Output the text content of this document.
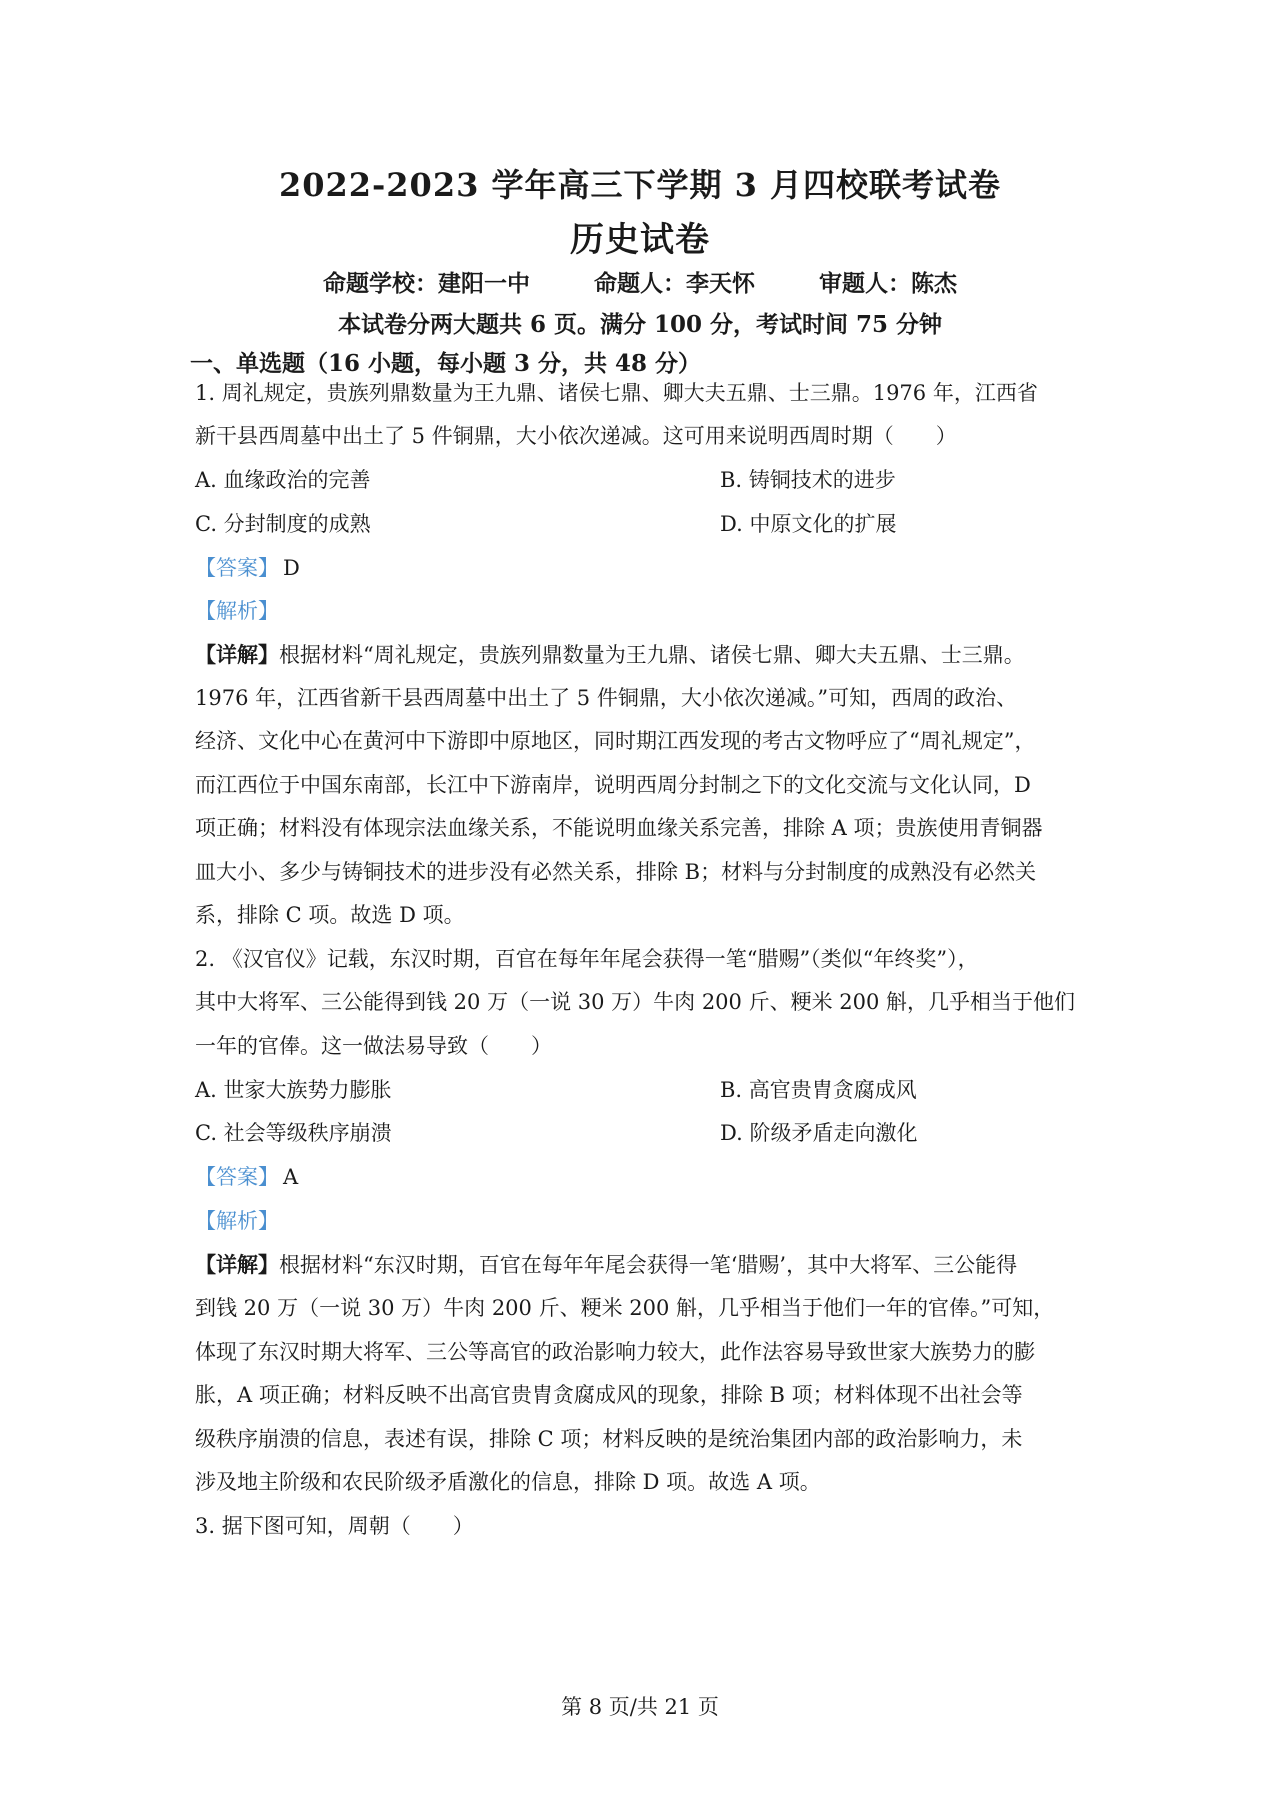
2022-2023 学年高三下学期 3 月四校联考试卷
历史试卷
命题学校：建阳一中	命题人：李天怀	审题人：陈杰
本试卷分两大题共 6 页。满分 100 分，考试时间 75 分钟
一、单选题（16 小题，每小题 3 分，共 48 分）
1. 周礼规定，贵族列鼎数量为王九鼎、诸侯七鼎、卿大夫五鼎、士三鼎。1976 年，江西省
新干县西周墓中出土了 5 件铜鼎，大小依次递减。这可用来说明西周时期（　　）
A. 血缘政治的完善	B. 铸铜技术的进步
C. 分封制度的成熟	D. 中原文化的扩展
【答案】 D
【解析】
【详解】根据材料“周礼规定，贵族列鼎数量为王九鼎、诸侯七鼎、卿大夫五鼎、士三鼎。
1976 年，江西省新干县西周墓中出土了 5 件铜鼎，大小依次递减。”可知，西周的政治、
经济、文化中心在黄河中下游即中原地区，同时期江西发现的考古文物呼应了“周礼规定”，
而江西位于中国东南部，长江中下游南岸，说明西周分封制之下的文化交流与文化认同，D
项正确；材料没有体现宗法血缘关系，不能说明血缘关系完善，排除 A 项；贵族使用青铜器
皿大小、多少与铸铜技术的进步没有必然关系，排除 B；材料与分封制度的成熟没有必然关
系，排除 C 项。故选 D 项。
2. 《汉官仪》记载，东汉时期，百官在每年年尾会获得一笔“腊赐”（类似“年终奖”），
其中大将军、三公能得到钱 20 万（一说 30 万）牛肉 200 斤、粳米 200 斛，几乎相当于他们
一年的官俸。这一做法易导致（　　）
A. 世家大族势力膨胀	B. 高官贵胄贪腐成风
C. 社会等级秩序崩溃	D. 阶级矛盾走向激化
【答案】 A
【解析】
【详解】根据材料“东汉时期，百官在每年年尾会获得一笔‘腊赐’，其中大将军、三公能得
到钱 20 万（一说 30 万）牛肉 200 斤、粳米 200 斛，几乎相当于他们一年的官俸。”可知，
体现了东汉时期大将军、三公等高官的政治影响力较大，此作法容易导致世家大族势力的膨
胀，A 项正确；材料反映不出高官贵胄贪腐成风的现象，排除 B 项；材料体现不出社会等
级秩序崩溃的信息，表述有误，排除 C 项；材料反映的是统治集团内部的政治影响力，未
涉及地主阶级和农民阶级矛盾激化的信息，排除 D 项。故选 A 项。
3. 据下图可知，周朝（　　）
第 8 页/共 21 页
